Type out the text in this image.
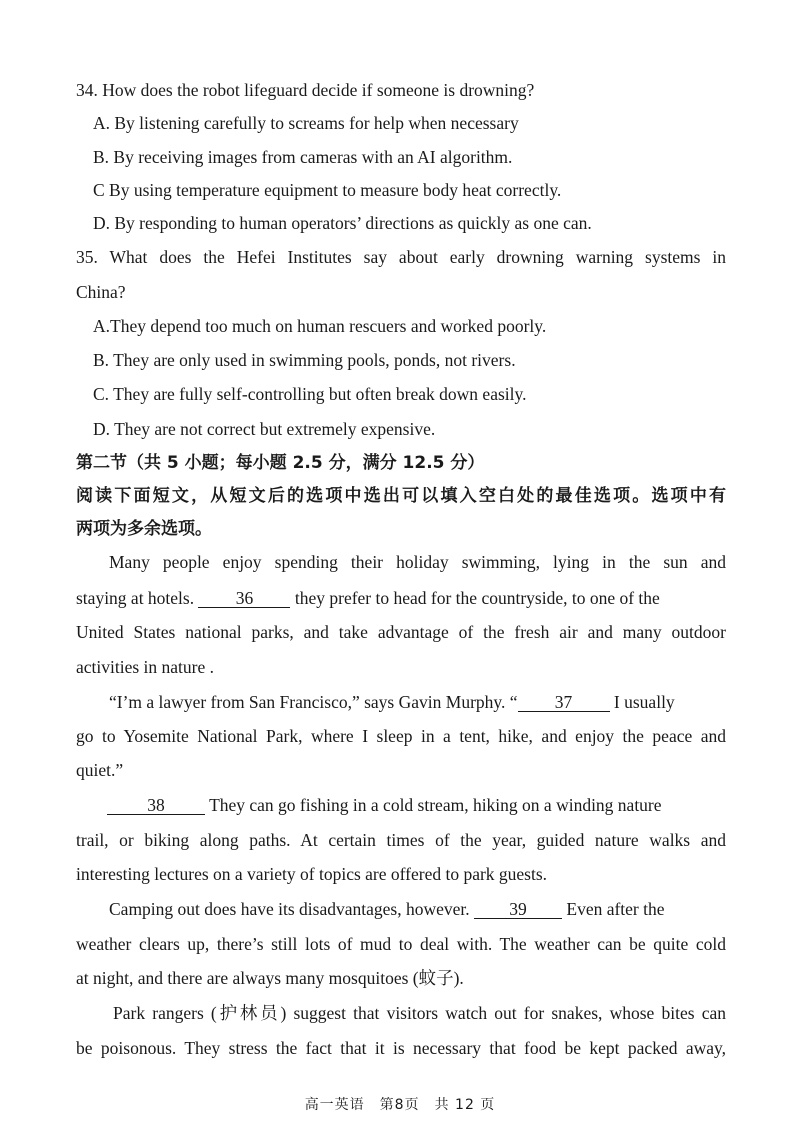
34. How does the robot lifeguard decide if someone is drowning?
A. By listening carefully to screams for help when necessary
B. By receiving images from cameras with an AI algorithm.
C By using temperature equipment to measure body heat correctly.
D. By responding to human operators’ directions as quickly as one can.
35. What does the Hefei Institutes say about early drowning warning systems in
China?
A.They depend too much on human rescuers and worked poorly.
B. They are only used in swimming pools, ponds, not rivers.
C. They are fully self-controlling but often break down easily.
D. They are not correct but extremely expensive.
第二节（共 5 小题；每小题 2.5 分，满分 12.5 分）
阅读下面短文，从短文后的选项中选出可以填入空白处的最佳选项。选项中有
两项为多余选项。
Many people enjoy spending their holiday swimming, lying in the sun and
staying at hotels. 36 they prefer to head for the countryside, to one of the
United States national parks, and take advantage of the fresh air and many outdoor
activities in nature .
“I’m a lawyer from San Francisco,” says Gavin Murphy. “ 37 I usually
go to Yosemite National Park, where I sleep in a tent, hike, and enjoy the peace and
quiet.”
38	They can go fishing in a cold stream, hiking on a winding nature
trail, or biking along paths. At certain times of the year, guided nature walks and
interesting lectures on a variety of topics are offered to park guests.
Camping out does have its disadvantages, however. 39 Even after the
weather clears up, there’s still lots of mud to deal with. The weather can be quite cold
at night, and there are always many mosquitoes (蚊子).
Park rangers (护林员) suggest that visitors watch out for snakes, whose bites can
be poisonous. They stress the fact that it is necessary that food be kept packed away,
高一英语　第8页　共 12 页
